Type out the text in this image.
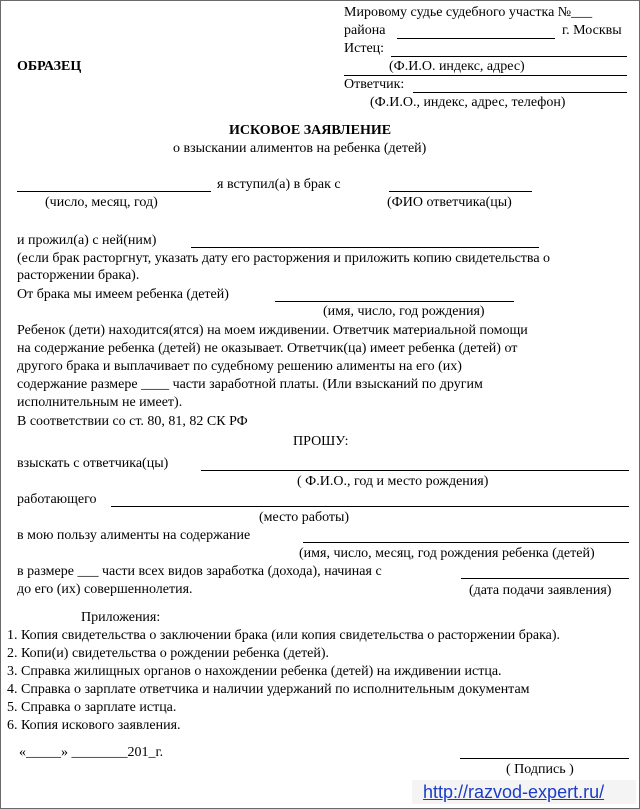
Мировому судье судебного участка №___
района	г. Москвы
Истец:
(Ф.И.О. индекс, адрес)
Ответчик:
(Ф.И.О., индекс, адрес, телефон)
ОБРАЗЕЦ
ИСКОВОЕ ЗАЯВЛЕНИЕ
о взыскании алиментов на ребенка (детей)
я вступил(а) в брак с
(число, месяц, год)	(ФИО ответчика(цы)
и прожил(а) с ней(ним)
(если брак расторгнут, указать дату его расторжения и приложить копию свидетельства о
расторжении брака).
От брака мы имеем ребенка (детей)
(имя, число, год рождения)
Ребенок (дети) находится(ятся) на моем иждивении. Ответчик материальной помощи
на содержание ребенка (детей) не оказывает. Ответчик(ца) имеет ребенка (детей) от
другого брака и выплачивает по судебному решению алименты на его (их)
содержание размере ____ части заработной платы. (Или взысканий по другим
исполнительным не имеет).
В соответствии со ст. 80, 81, 82 СК РФ
ПРОШУ:
взыскать с ответчика(цы)
( Ф.И.О., год и место рождения)
работающего
(место работы)
в мою пользу алименты на содержание
(имя, число, месяц, год рождения ребенка (детей)
в размере ___ части всех видов заработка (дохода), начиная с
до его (их) совершеннолетия.	(дата подачи заявления)
Приложения:
1. Копия свидетельства о заключении брака (или копия свидетельства о расторжении брака).
2. Копи(и) свидетельства о рождении ребенка (детей).
3. Справка жилищных органов о нахождении ребенка (детей) на иждивении истца.
4. Справка о зарплате ответчика и наличии удержаний по исполнительным документам
5. Справка о зарплате истца.
6. Копия искового заявления.
«_____» ________201_г.
( Подпись )
http://razvod-expert.ru/
